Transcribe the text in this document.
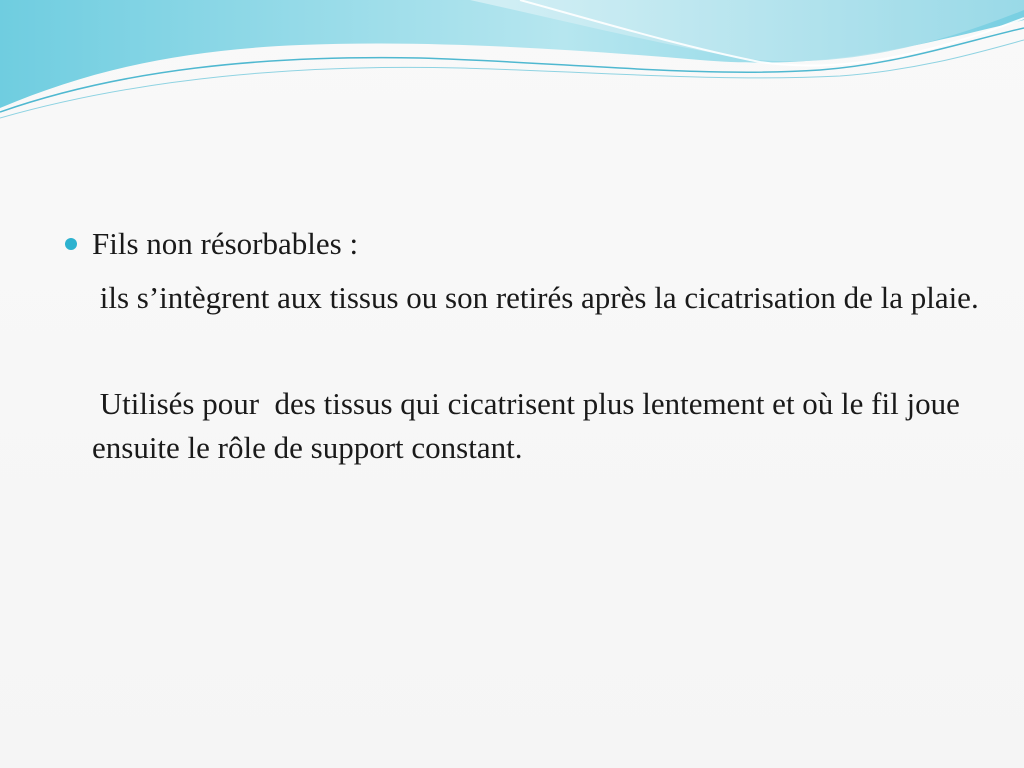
Fils non résorbables :

ils s’intègrent aux tissus ou son retirés après la cicatrisation de la plaie.

Utilisés pour  des tissus qui cicatrisent plus lentement et où le fil joue ensuite le rôle de support constant.
